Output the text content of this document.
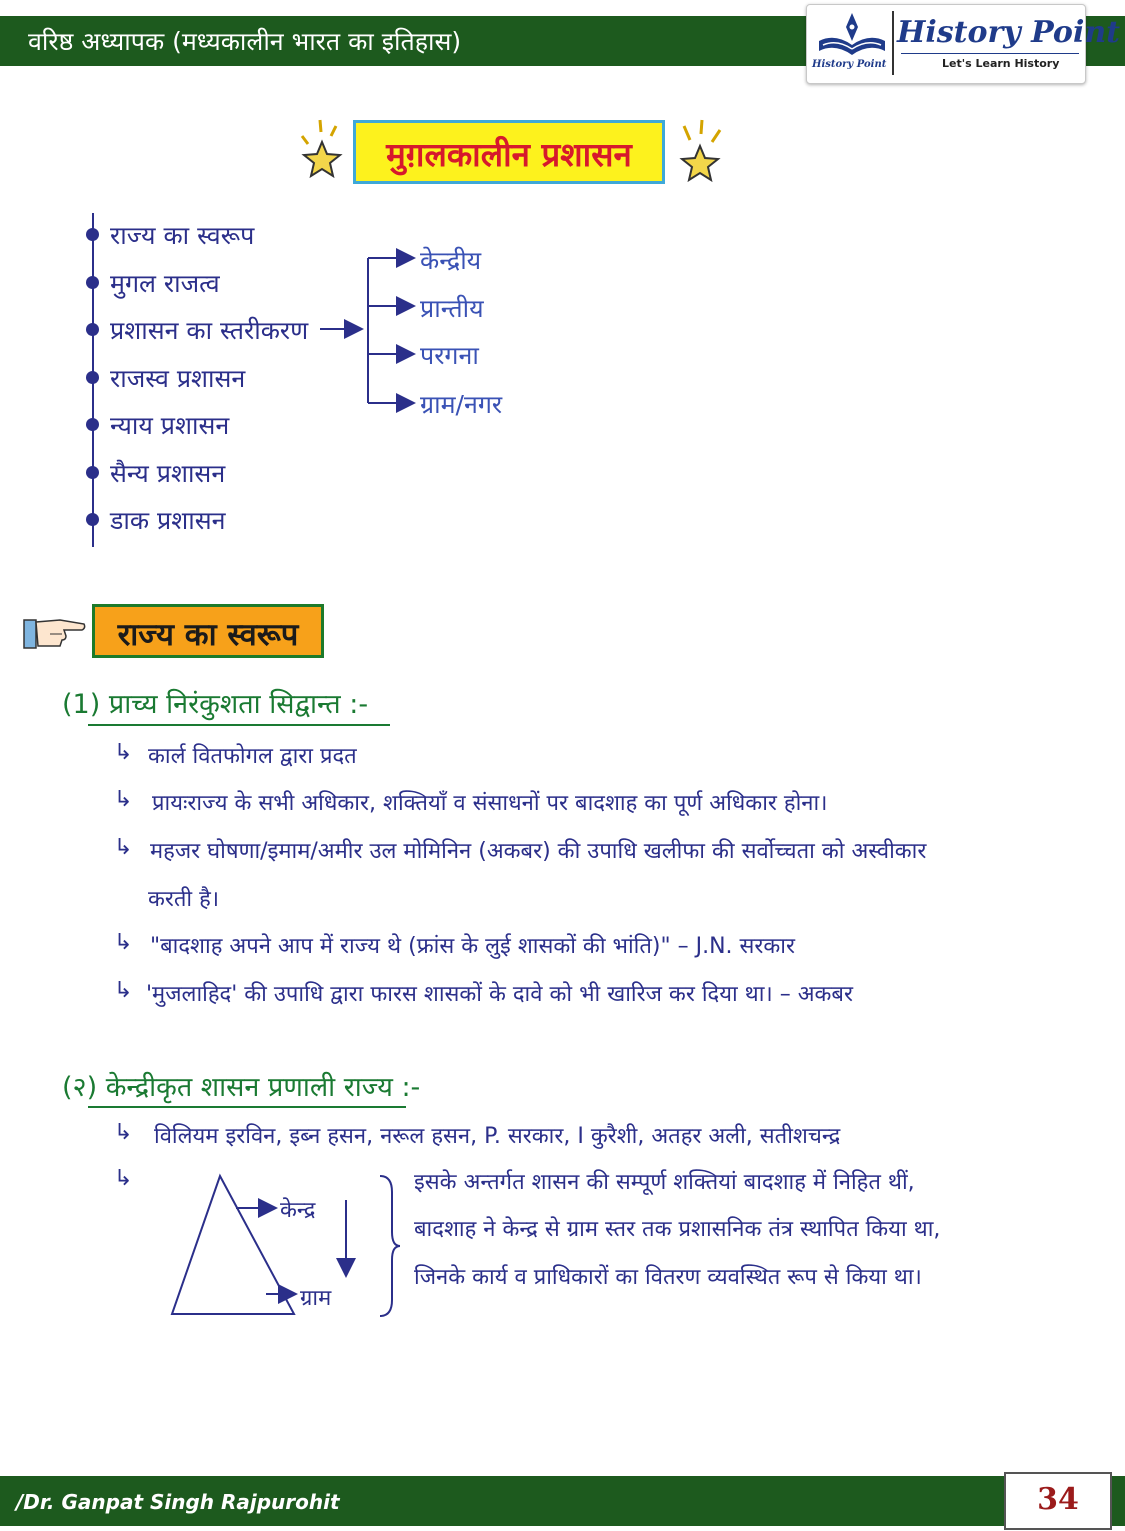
वरिष्ठ अध्यापक (मध्यकालीन भारत का इतिहास)
History Point
History Point
Let's Learn History
मुग़लकालीन प्रशासन
राज्य का स्वरूप
मुगल राजत्व
प्रशासन का स्तरीकरण
राजस्व प्रशासन
न्याय प्रशासन
सैन्य प्रशासन
डाक प्रशासन
केन्द्रीय
प्रान्तीय
परगना
ग्राम/नगर
राज्य का स्वरूप
(1) प्राच्य निरंकुशता सिद्वान्त :-
↳ कार्ल वितफोगल द्वारा प्रदत
↳ प्रायःराज्य के सभी अधिकार, शक्तियाँ व संसाधनों पर बादशाह का पूर्ण अधिकार होना।
↳ महजर घोषणा/इमाम/अमीर उल मोमिनिन (अकबर) की उपाधि खलीफा की सर्वोच्चता को अस्वीकार
करती है।
↳ "बादशाह अपने आप में राज्य थे (फ्रांस के लुई शासकों की भांति)" – J.N. सरकार
↳ 'मुजलाहिद' की उपाधि द्वारा फारस शासकों के दावे को भी खारिज कर दिया था। – अकबर
(२) केन्द्रीकृत शासन प्रणाली राज्य :-
↳ विलियम इरविन, इब्न हसन, नरूल हसन, P. सरकार, I कुरैशी, अतहर अली, सतीशचन्द्र
↳
केन्द्र
ग्राम
इसके अन्तर्गत शासन की सम्पूर्ण शक्तियां बादशाह में निहित थीं,
बादशाह ने केन्द्र से ग्राम स्तर तक प्रशासनिक तंत्र स्थापित किया था,
जिनके कार्य व प्राधिकारों का वितरण व्यवस्थित रूप से किया था।
/Dr. Ganpat Singh Rajpurohit	34
